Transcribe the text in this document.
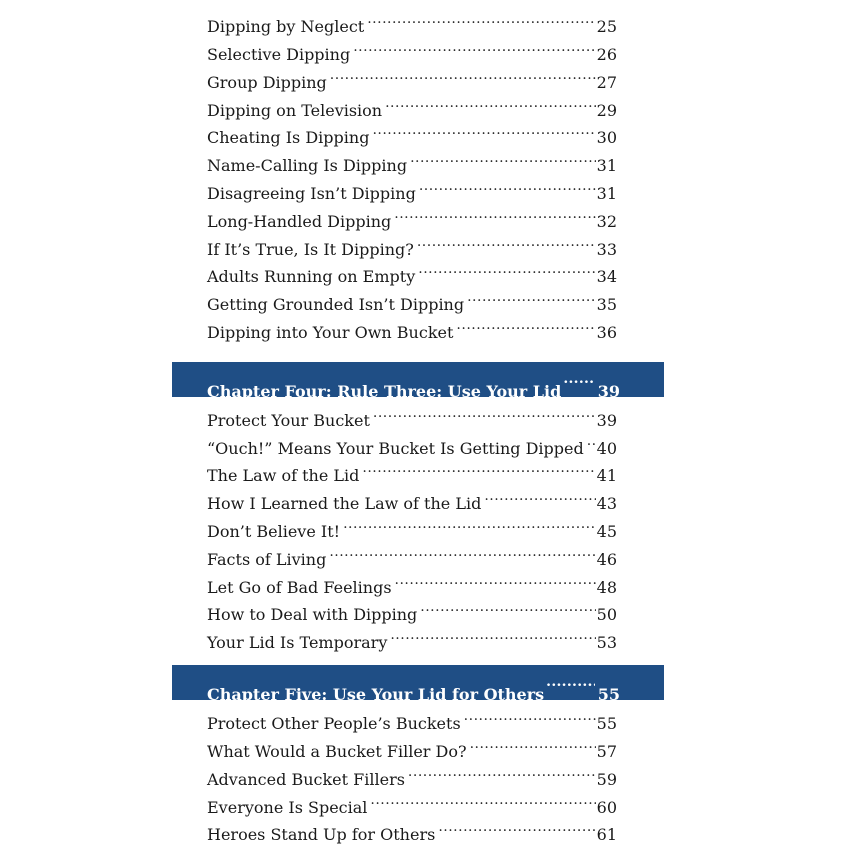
Dipping by Neglect .....	25
Selective Dipping .....	26
Group Dipping .....	27
Dipping on Television .....	29
Cheating Is Dipping .....	30
Name-Calling Is Dipping .....	31
Disagreeing Isn’t Dipping .....	31
Long-Handled Dipping .....	32
If It’s True, Is It Dipping? .....	33
Adults Running on Empty .....	34
Getting Grounded Isn’t Dipping .....	35
Dipping into Your Own Bucket .....	36
Chapter Four: Rule Three: Use Your Lid ..... 39
Protect Your Bucket .....	39
“Ouch!” Means Your Bucket Is Getting Dipped ..... 40
The Law of the Lid .....	41
How I Learned the Law of the Lid .....	43
Don’t Believe It! .....	45
Facts of Living .....	46
Let Go of Bad Feelings .....	48
How to Deal with Dipping .....	50
Your Lid Is Temporary .....	53
Chapter Five: Use Your Lid for Others .....	55
Protect Other People’s Buckets .....	55
What Would a Bucket Filler Do? .....	57
Advanced Bucket Fillers .....	59
Everyone Is Special .....	60
Heroes Stand Up for Others .....	61
